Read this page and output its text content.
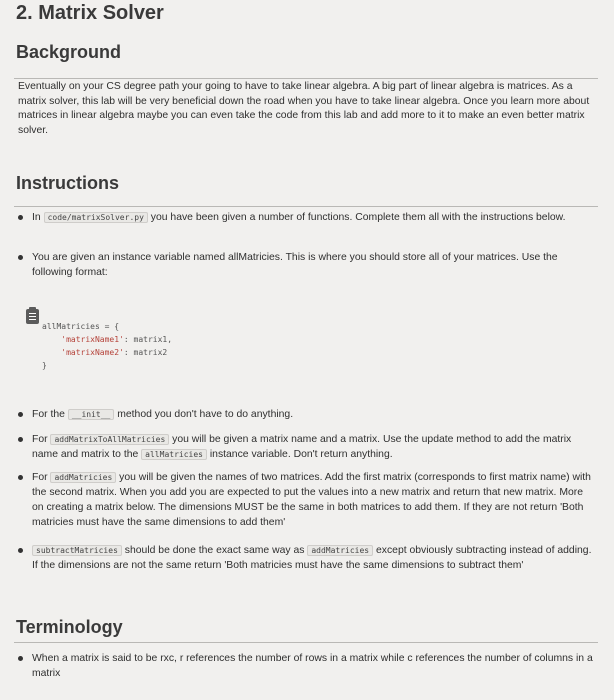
2. Matrix Solver
Background
Eventually on your CS degree path your going to have to take linear algebra. A big part of linear algebra is matrices. As a matrix solver, this lab will be very beneficial down the road when you have to take linear algebra. Once you learn more about matrices in linear algebra maybe you can even take the code from this lab and add more to it to make an even better matrix solver.
Instructions
In code/matrixSolver.py you have been given a number of functions. Complete them all with the instructions below.
You are given an instance variable named allMatricies. This is where you should store all of your matrices. Use the following format:
allMatricies = {
'matrixName1': matrix1,
'matrixName2': matrix2
}
For the __init__ method you don't have to do anything.
For addMatrixToAllMatricies you will be given a matrix name and a matrix. Use the update method to add the matrix name and matrix to the allMatricies instance variable. Don't return anything.
For addMatricies you will be given the names of two matrices. Add the first matrix (corresponds to first matrix name) with the second matrix. When you add you are expected to put the values into a new matrix and return that new matrix. More on creating a matrix below. The dimensions MUST be the same in both matrices to add them. If they are not return 'Both matricies must have the same dimensions to add them'
subtractMatricies should be done the exact same way as addMatricies except obviously subtracting instead of adding. If the dimensions are not the same return 'Both matricies must have the same dimensions to subtract them'
Terminology
When a matrix is said to be rxc, r references the number of rows in a matrix while c references the number of columns in a matrix
